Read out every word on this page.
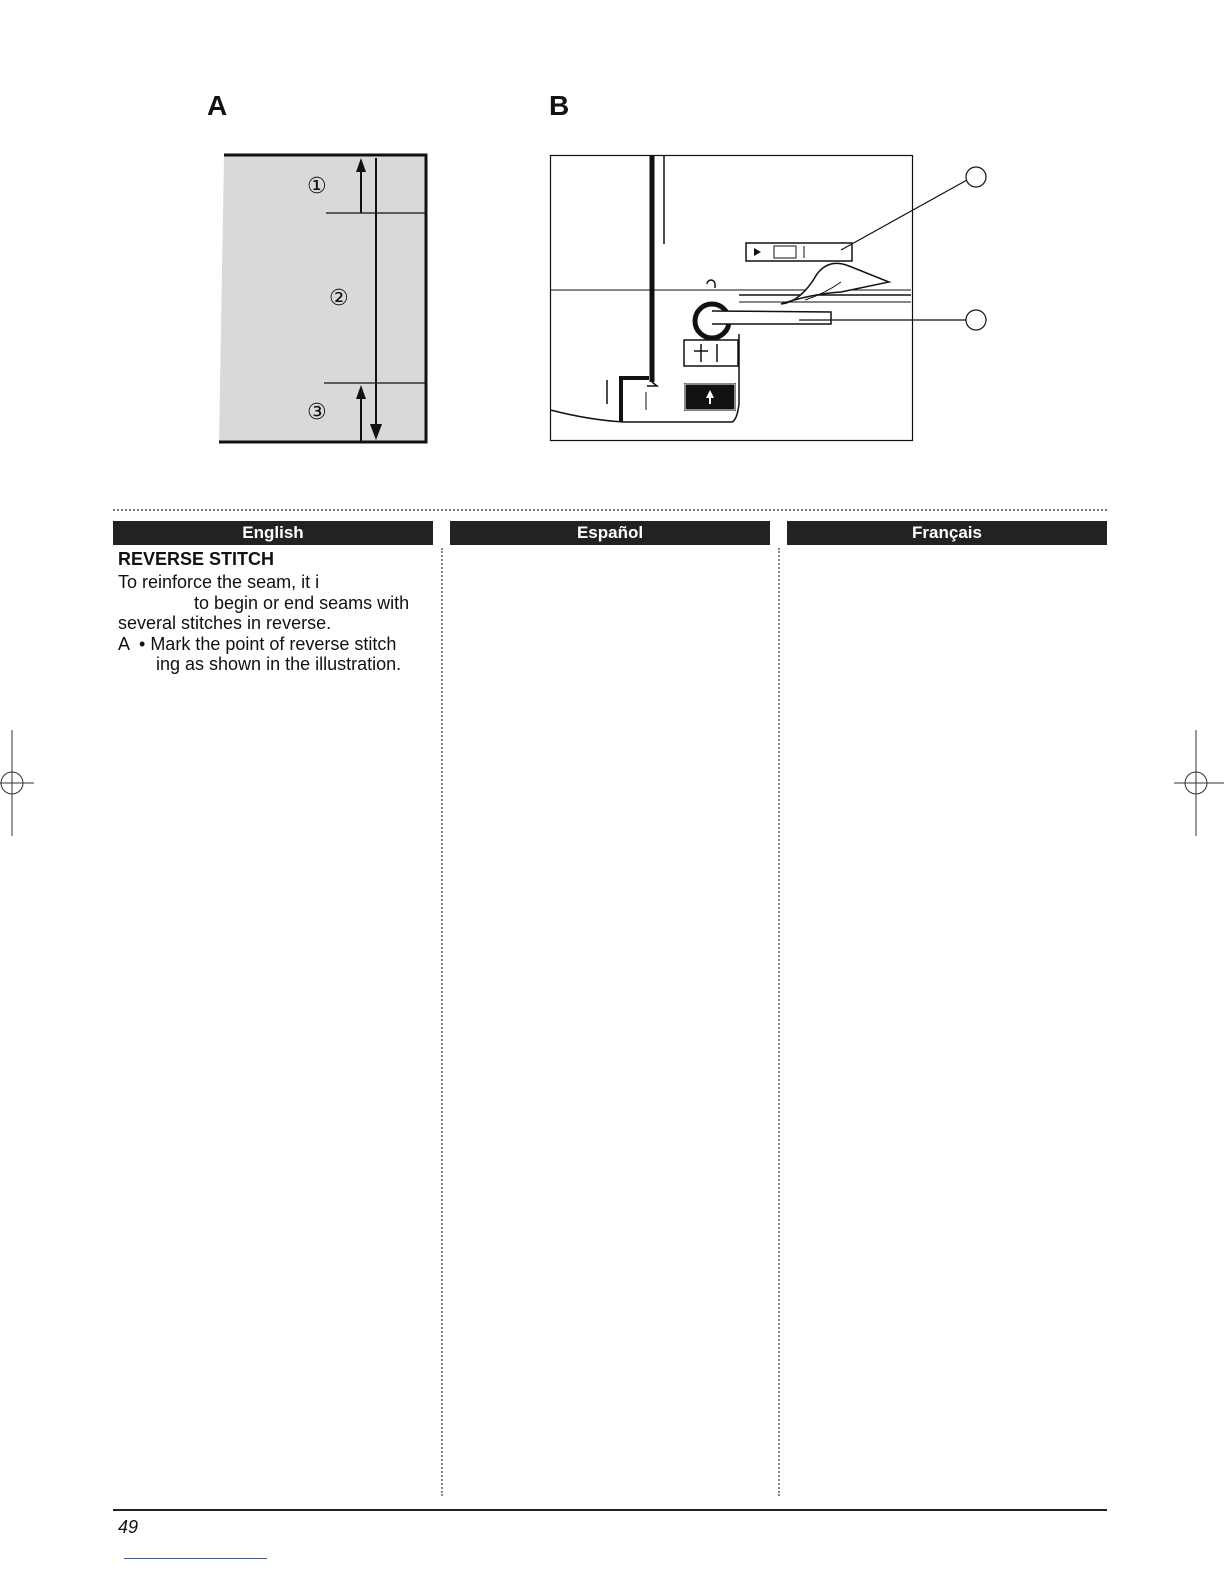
A	B
①
②
③
English	Español	Français
REVERSE STITCH
To reinforce the seam, it i
to begin or end seams with
several stitches in reverse.
A  • Mark the point of reverse stitch
ing as shown in the illustration.
49
